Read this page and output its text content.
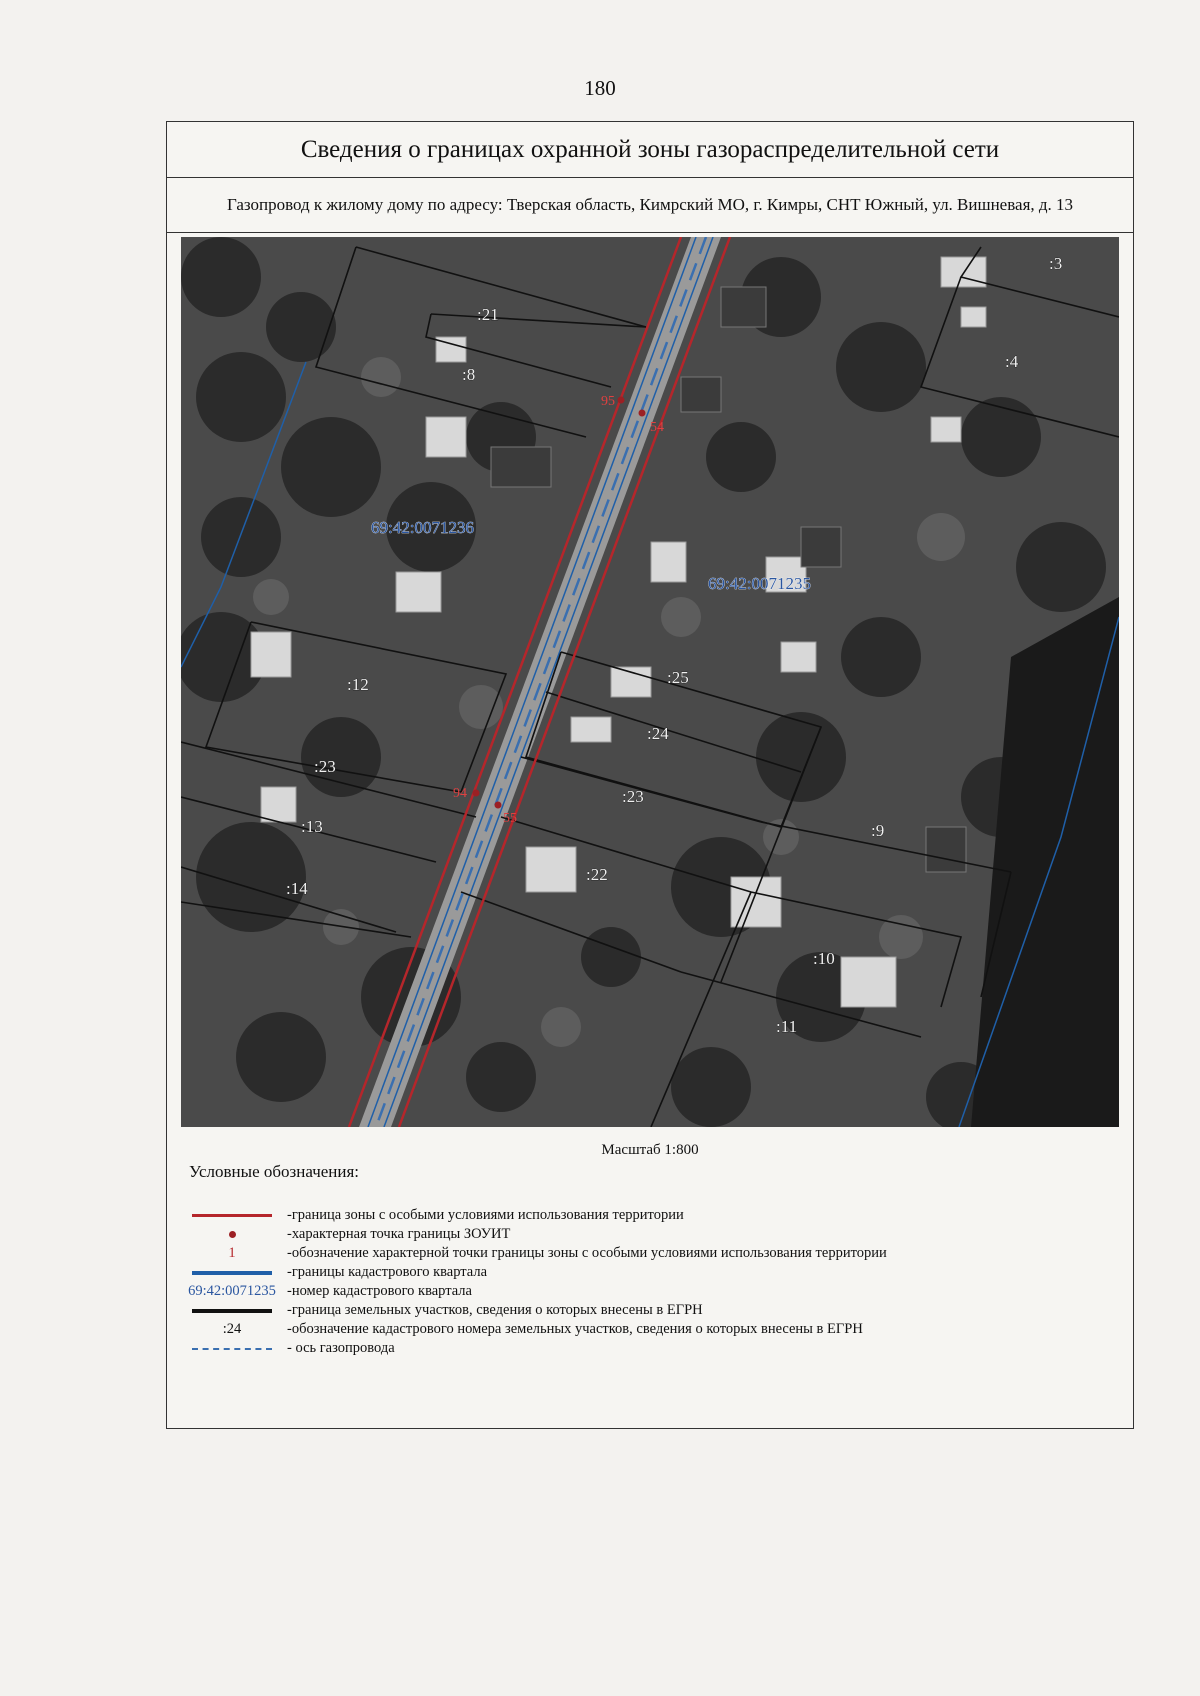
180
Сведения о границах охранной зоны газораспределительной сети
Газопровод к жилому дому по адресу: Тверская область, Кимрский МО, г. Кимры, СНТ Южный, ул. Вишневая, д. 13
95
54
94
55
69:42:0071236
69:42:0071235
:21
:8
:12
:23
:13
:14
:25
:24
:23
:22
:9
:10
:11
:3
:4
Масштаб 1:800
Условные обозначения:
-граница зоны с особыми условиями использования территории
-характерная точка границы ЗОУИТ
1	-обозначение характерной точки границы зоны с особыми условиями использования территории
-границы кадастрового квартала
69:42:0071235 -номер кадастрового квартала
-граница земельных участков, сведения о которых внесены в ЕГРН
:24	-обозначение кадастрового номера земельных участков, сведения о которых внесены в ЕГРН
- ось газопровода
